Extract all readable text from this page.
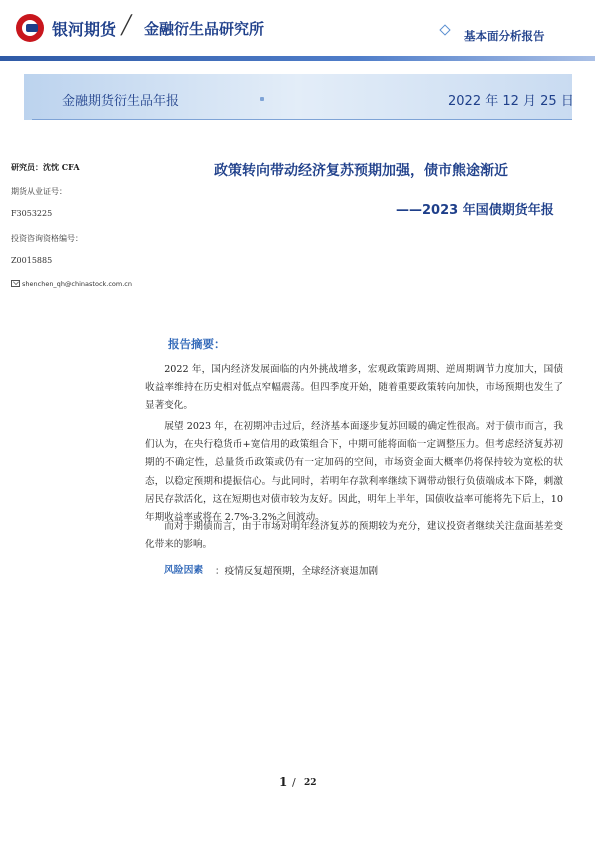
银河期货 ╱ 金融衍生品研究所	基本面分析报告
金融期货衍生品年报	2022 年 12 月 25 日
研究员：沈忱 CFA
期货从业证号：
F3053225
投资咨询资格编号：
Z0015885
shenchen_qh@chinastock.com.cn
政策转向带动经济复苏预期加强，债市熊途渐近
——2023 年国债期货年报
报告摘要：

2022 年，国内经济发展面临的内外挑战增多，宏观政策跨周期、逆周期调节力度加大，国债收益率维持在历史相对低点窄幅震荡。但四季度开始，随着重要政策转向加快，市场预期也发生了显著变化。

展望 2023 年，在初期冲击过后，经济基本面逐步复苏回暖的确定性很高。对于债市而言，我们认为，在央行稳货币+宽信用的政策组合下，中期可能将面临一定调整压力。但考虑经济复苏初期的不确定性，总量货币政策或仍有一定加码的空间，市场资金面大概率仍将保持较为宽松的状态，以稳定预期和提振信心。与此同时，若明年存款利率继续下调带动银行负债端成本下降，刺激居民存款活化，这在短期也对债市较为友好。因此，明年上半年，国债收益率可能将先下后上，10 年期收益率或将在 2.7%-3.2%之间波动。

而对于期债而言，由于市场对明年经济复苏的预期较为充分，建议投资者继续关注盘面基差变化带来的影响。

风险因素 ：疫情反复超预期，全球经济衰退加剧
1 / 22
